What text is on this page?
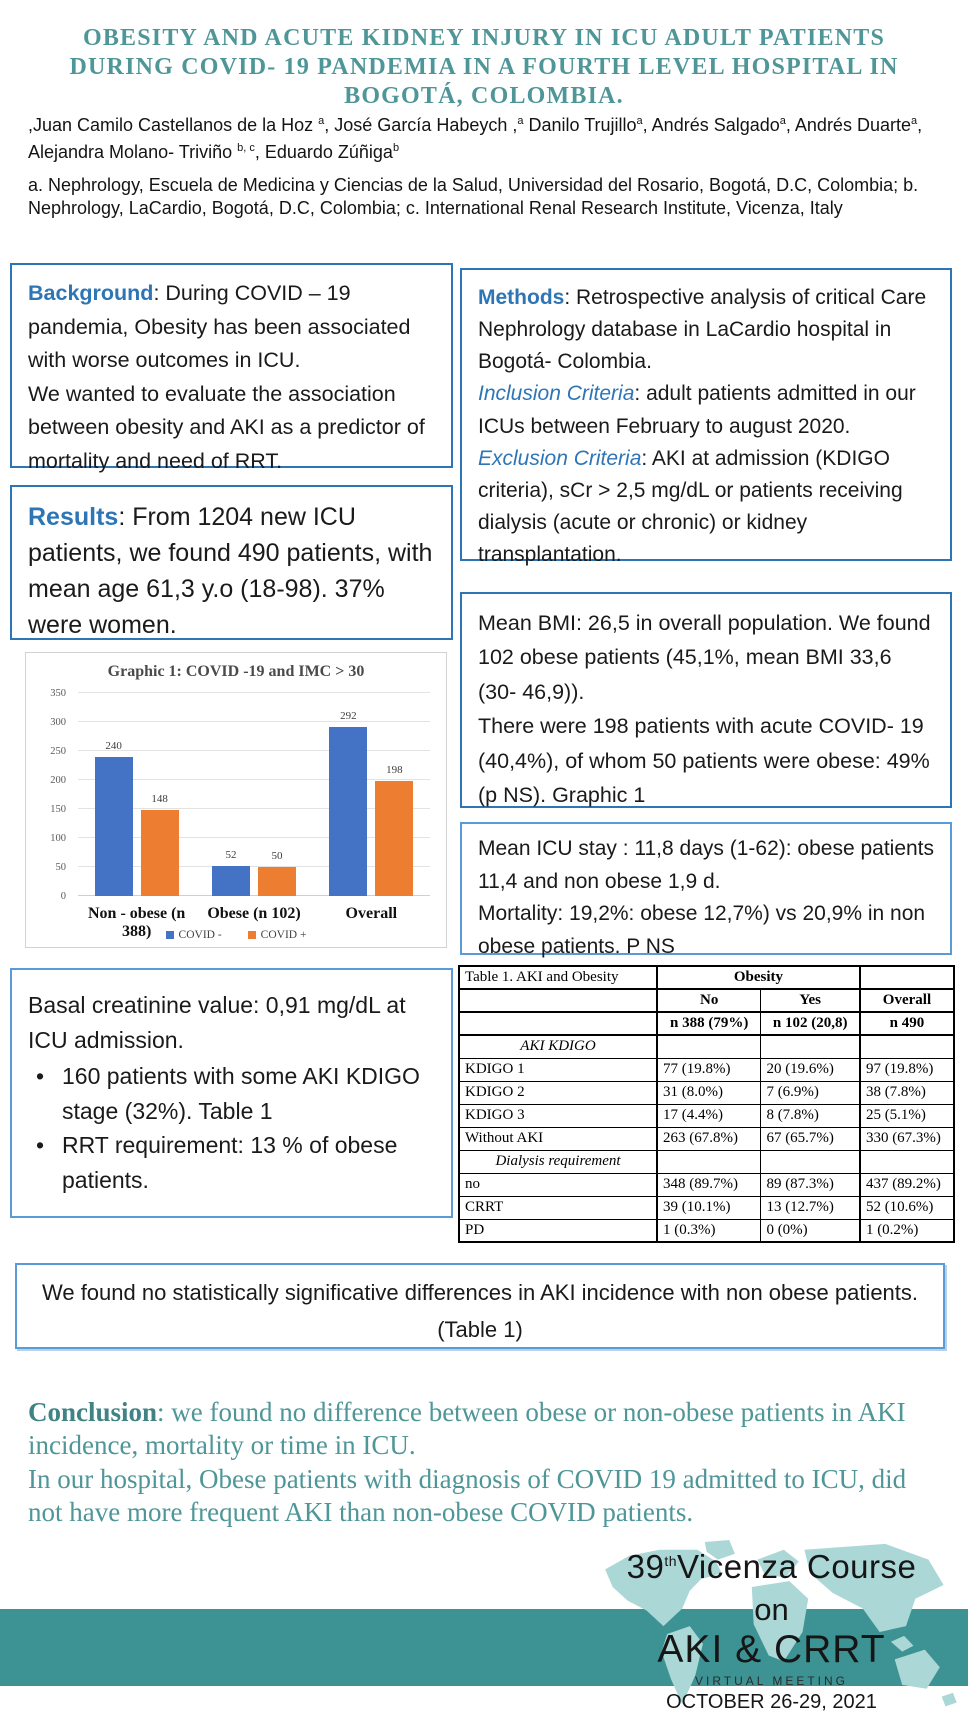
OBESITY AND ACUTE KIDNEY INJURY IN ICU ADULT PATIENTS DURING COVID- 19 PANDEMIA IN A FOURTH LEVEL HOSPITAL IN BOGOTÁ, COLOMBIA.
,Juan Camilo Castellanos de la Hoz $^a$, José García Habeych ,$^a$ Danilo Trujillo$^a$, Andrés Salgado$^a$, Andrés Duarte$^a$, Alejandra Molano- Triviño $^{b, c}$, Eduardo Zúñiga$^b$
a. Nephrology, Escuela de Medicina y Ciencias de la Salud, Universidad del Rosario, Bogotá, D.C, Colombia; b. Nephrology, LaCardio, Bogotá, D.C, Colombia; c. International Renal Research Institute, Vicenza, Italy
Background: During COVID – 19 pandemia, Obesity has been associated with worse outcomes in ICU.
We wanted to evaluate the association between obesity and AKI as a predictor of mortality and need of RRT.
Results: From 1204 new ICU patients, we found 490 patients, with mean age 61,3 y.o (18-98). 37% were women.
Methods: Retrospective analysis of critical Care Nephrology database in LaCardio hospital in Bogotá- Colombia.
Inclusion Criteria: adult patients admitted in our ICUs between February to august 2020.
Exclusion Criteria: AKI at admission (KDIGO criteria), sCr > 2,5 mg/dL or patients receiving dialysis (acute or chronic) or kidney transplantation.
Mean BMI: 26,5 in overall population. We found 102 obese patients (45,1%, mean BMI 33,6 (30- 46,9)).
There were 198 patients with acute COVID- 19 (40,4%), of whom 50 patients were obese: 49% (p NS). Graphic 1
Mean ICU stay : 11,8 days (1-62): obese patients 11,4 and non obese 1,9 d.
Mortality: 19,2%: obese 12,7%) vs 20,9% in non obese patients. P NS
Graphic 1: COVID -19 and IMC > 30
0
50
100
150
200
250
300
350
240
148
52	50
292
198
Non - obese (n 388)
Obese (n 102)	Overall
COVID -	COVID +
Basal creatinine value: 0,91 mg/dL at ICU admission.
• 160 patients with some AKI KDIGO stage (32%). Table 1
• RRT requirement: 13 % of obese patients.
Table 1. AKI and Obesity	Obesity		
	No	Yes	Overall
	n 388 (79%)	n 102 (20,8)	n 490
AKI KDIGO			
KDIGO 1	77 (19.8%)	20 (19.6%)	97 (19.8%)
KDIGO 2	31 (8.0%)	7 (6.9%)	38 (7.8%)
KDIGO 3	17 (4.4%)	8 (7.8%)	25 (5.1%)
Without AKI	263 (67.8%)	67 (65.7%)	330 (67.3%)
Dialysis requirement			
no	348 (89.7%)	89 (87.3%)	437 (89.2%)
CRRT	39 (10.1%)	13 (12.7%)	52 (10.6%)
PD	1 (0.3%)	0 (0%)	1 (0.2%)
We found no statistically significative differences in AKI incidence with non obese patients. (Table 1)
Conclusion: we found no difference between obese or non-obese patients in AKI incidence, mortality or time in ICU.
In our hospital, Obese patients with diagnosis of COVID 19 admitted to ICU, did not have more frequent AKI than non-obese COVID patients.
39thVicenza Course
on
AKI & CRRT
VIRTUAL MEETING
OCTOBER 26-29, 2021
